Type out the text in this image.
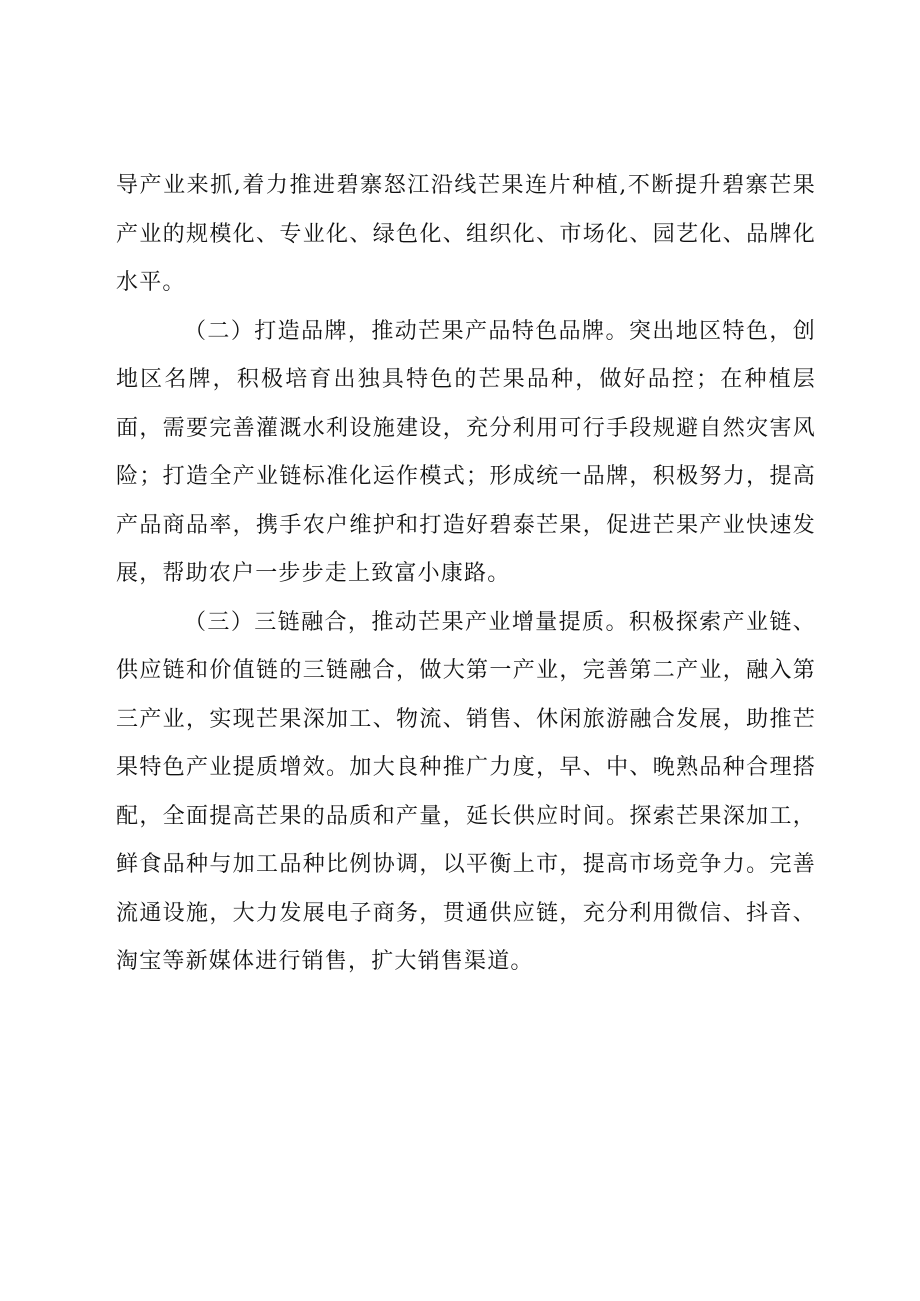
导产业来抓,着力推进碧寨怒江沿线芒果连片种植,不断提升碧寨芒果产业的规模化、专业化、绿色化、组织化、市场化、园艺化、品牌化水平。

（二）打造品牌，推动芒果产品特色品牌。突出地区特色，创地区名牌，积极培育出独具特色的芒果品种，做好品控；在种植层面，需要完善灌溉水利设施建设，充分利用可行手段规避自然灾害风险；打造全产业链标准化运作模式；形成统一品牌，积极努力，提高产品商品率，携手农户维护和打造好碧泰芒果，促进芒果产业快速发展，帮助农户一步步走上致富小康路。

（三）三链融合，推动芒果产业增量提质。积极探索产业链、供应链和价值链的三链融合，做大第一产业，完善第二产业，融入第三产业，实现芒果深加工、物流、销售、休闲旅游融合发展，助推芒果特色产业提质增效。加大良种推广力度，早、中、晚熟品种合理搭配，全面提高芒果的品质和产量，延长供应时间。探索芒果深加工，鲜食品种与加工品种比例协调，以平衡上市，提高市场竞争力。完善流通设施，大力发展电子商务，贯通供应链，充分利用微信、抖音、淘宝等新媒体进行销售，扩大销售渠道。
